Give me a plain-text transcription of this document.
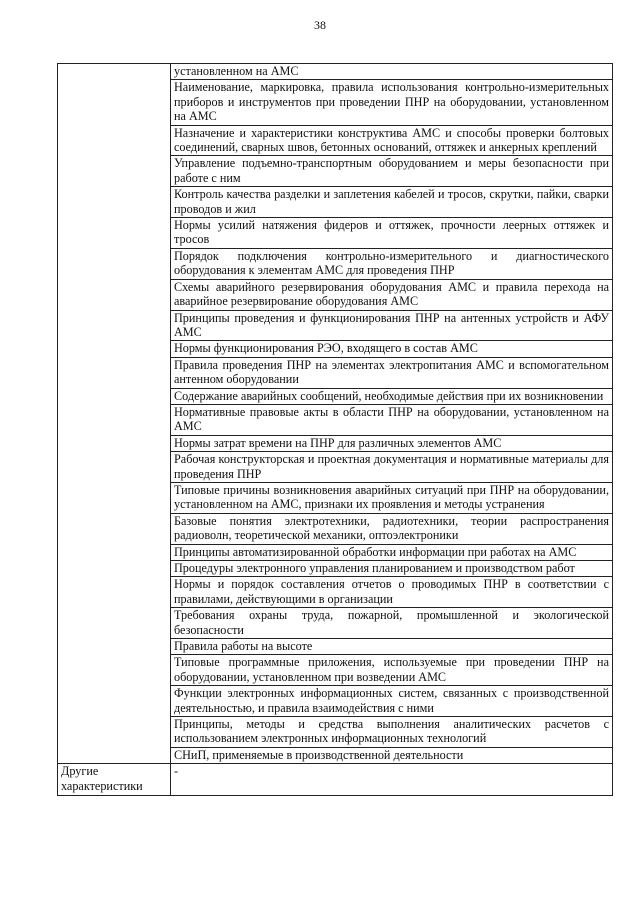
38
	установленном на АМС
	Наименование, маркировка, правила использования контрольно-измерительных приборов и инструментов при проведении ПНР на оборудовании, установленном на АМС
	Назначение и характеристики конструктива АМС и способы проверки болтовых соединений, сварных швов, бетонных оснований, оттяжек и анкерных креплений
	Управление подъемно-транспортным оборудованием и меры безопасности при работе с ним
	Контроль качества разделки и заплетения кабелей и тросов, скрутки, пайки, сварки проводов и жил
	Нормы усилий натяжения фидеров и оттяжек, прочности леерных оттяжек и тросов
	Порядок подключения контрольно-измерительного и диагностического оборудования к элементам АМС для проведения ПНР
	Схемы аварийного резервирования оборудования АМС и правила перехода на аварийное резервирование оборудования АМС
	Принципы проведения и функционирования ПНР на антенных устройств и АФУ АМС
	Нормы функционирования РЭО, входящего в состав АМС
	Правила проведения ПНР на элементах электропитания АМС и вспомогательном антенном оборудовании
	Содержание аварийных сообщений, необходимые действия при их возникновении
	Нормативные правовые акты в области ПНР на оборудовании, установленном на АМС
	Нормы затрат времени на ПНР для различных элементов АМС
	Рабочая конструкторская и проектная документация и нормативные материалы для проведения ПНР
	Типовые причины возникновения аварийных ситуаций при ПНР на оборудовании, установленном на АМС, признаки их проявления и методы устранения
	Базовые понятия электротехники, радиотехники, теории распространения радиоволн, теоретической механики, оптоэлектроники
	Принципы автоматизированной обработки информации при работах на АМС
	Процедуры электронного управления планированием и производством работ
	Нормы и порядок составления отчетов о проводимых ПНР в соответствии с правилами, действующими в организации
	Требования охраны труда, пожарной, промышленной и экологической безопасности
	Правила работы на высоте
	Типовые программные приложения, используемые при проведении ПНР на оборудовании, установленном при возведении АМС
	Функции электронных информационных систем, связанных с производственной деятельностью, и правила взаимодействия с ними
	Принципы, методы и средства выполнения аналитических расчетов с использованием электронных информационных технологий
	СНиП, применяемые в производственной деятельности
Другие характеристики	-
